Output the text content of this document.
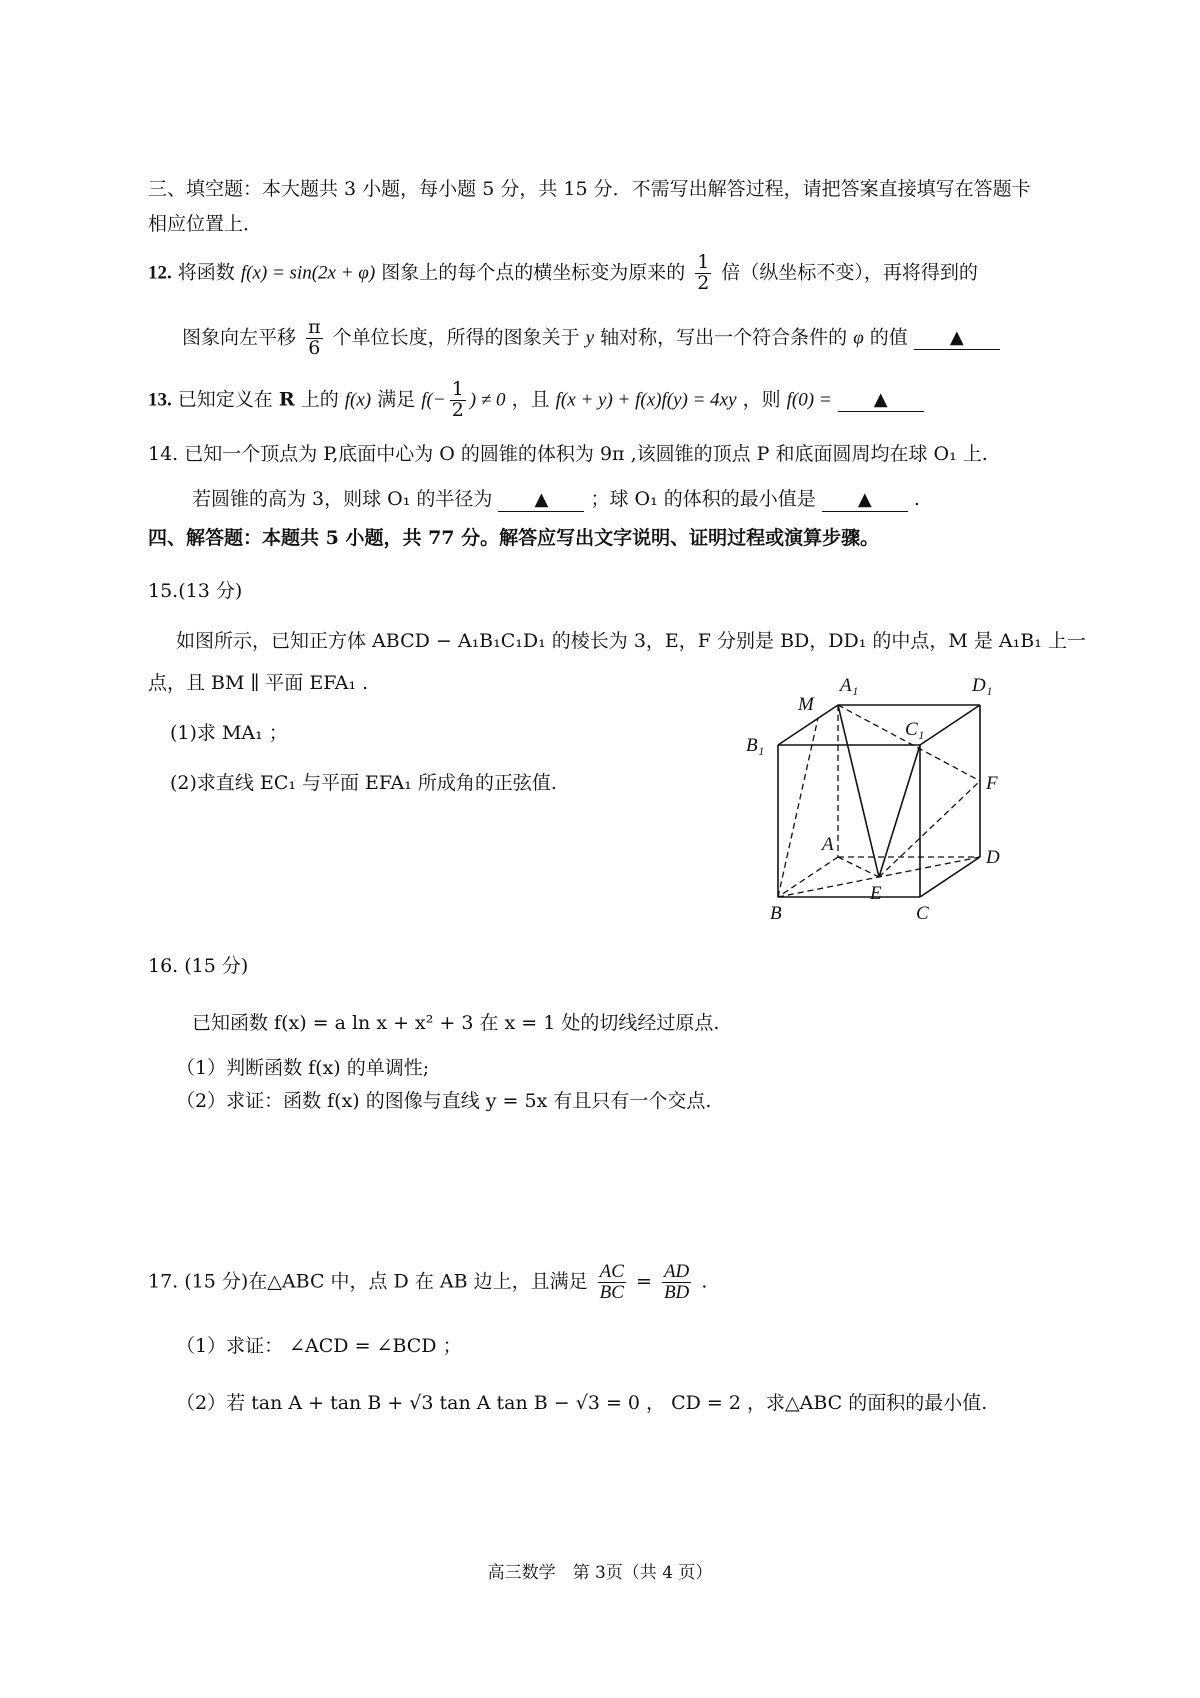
三、填空题：本大题共 3 小题，每小题 5 分，共 15 分．不需写出解答过程，请把答案直接填写在答题卡
相应位置上．
12. 将函数 f(x) = sin(2x + φ) 图象上的每个点的横坐标变为原来的 $\frac{1}{2}$ 倍（纵坐标不变），再将得到的
图象向左平移 $\frac{\pi}{6}$ 个单位长度，所得的图象关于 y 轴对称，写出一个符合条件的 φ 的值 ▲
13. 已知定义在 R 上的 f(x) 满足 $f(- \frac{1}{2}$ ) ≠ 0 ，且 f(x + y) + f(x)f(y) = 4xy ，则 f(0) = ▲
14. 已知一个顶点为 P,底面中心为 O 的圆锥的体积为 9π ,该圆锥的顶点 P 和底面圆周均在球 O₁ 上.
若圆锥的高为 3，则球 O₁ 的半径为 ▲ ；球 O₁ 的体积的最小值是 ▲ .
四、解答题：本题共 5 小题，共 77 分。解答应写出文字说明、证明过程或演算步骤。
15.(13 分)
如图所示，已知正方体 ABCD − A₁B₁C₁D₁ 的棱长为 3，E，F 分别是 BD，DD₁ 的中点，M 是 A₁B₁ 上一
点，且 BM ∥ 平面 EFA₁ .
(1)求 MA₁ ；
(2)求直线 EC₁ 与平面 EFA₁ 所成角的正弦值.
A₁	D₁
M
C₁
B₁
F
A
D
E
B	C
16. (15 分)
已知函数 f(x) = a ln x + x² + 3 在 x = 1 处的切线经过原点.
（1）判断函数 f(x) 的单调性;
（2）求证：函数 f(x) 的图像与直线 y = 5x 有且只有一个交点.
17. (15 分)在△ABC 中，点 D 在 AB 边上，且满足 $\frac{AC}{BC} = \frac{AD}{BD}$ .
（1）求证： ∠ACD = ∠BCD ；
（2）若 tan A + tan B + √3 tan A tan B − √3 = 0 ， CD = 2 ，求△ABC 的面积的最小值.
高三数学　第 3页（共 4 页）
